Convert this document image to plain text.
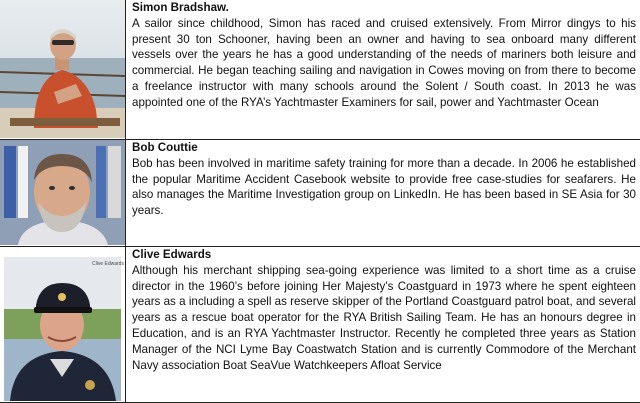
Simon Bradshaw.
A sailor since childhood, Simon has raced and cruised extensively. From Mirror dingys to his present 30 ton Schooner, having been an owner and having to sea onboard many different vessels over the years he has a good understanding of the needs of mariners both leisure and commercial. He began teaching sailing and navigation in Cowes moving on from there to become a freelance instructor with many schools around the Solent / South coast. In 2013 he was appointed one of the RYA’s Yachtmaster Examiners for sail, power and Yachtmaster Ocean

Bob Couttie
Bob has been involved in maritime safety training for more than a decade. In 2006 he established the popular Maritime Accident Casebook website to provide free case-studies for seafarers. He also manages the Maritime Investigation group on LinkedIn. He has been based in SE Asia for 30 years.

Clive Edwards	Clive Edwards
Although his merchant shipping sea-going experience was limited to a short time as a cruise director in the 1960’s before joining Her Majesty’s Coastguard in 1973 where he spent eighteen years as a including a spell as reserve skipper of the Portland Coastguard patrol boat, and several years as a rescue boat operator for the RYA British Sailing Team. He has an honours degree in Education, and is an RYA Yachtmaster Instructor. Recently he completed three years as Station Manager of the NCI Lyme Bay Coastwatch Station and is currently Commodore of the Merchant Navy association Boat SeaVue Watchkeepers Afloat Service
